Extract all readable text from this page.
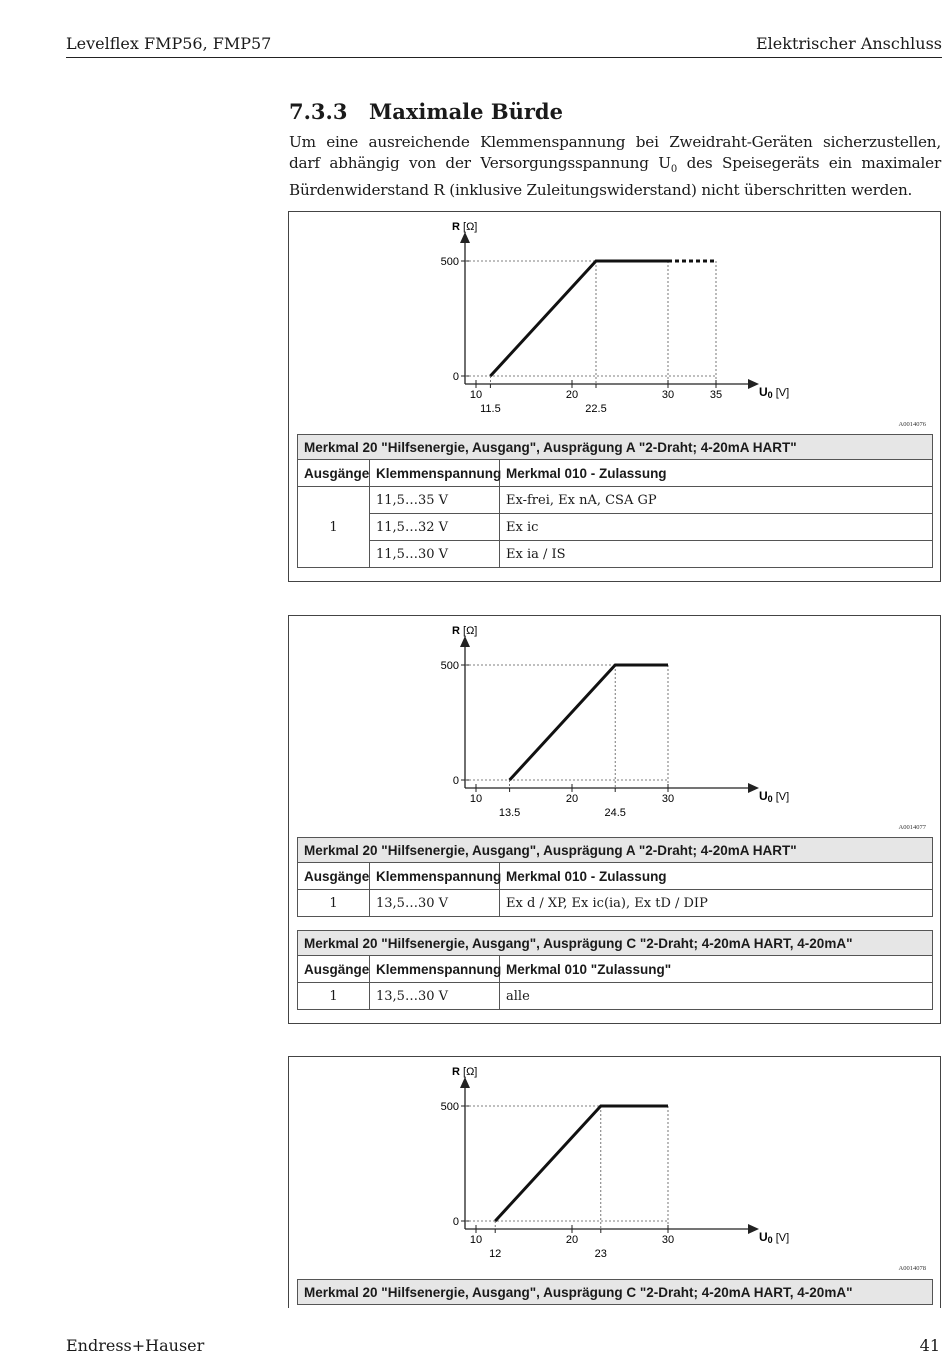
Levelflex FMP56, FMP57	Elektrischer Anschluss
7.3.3 Maximale Bürde
Um eine ausreichende Klemmenspannung bei Zweidraht-Geräten sicherzustellen, darf abhängig von der Versorgungsspannung $U_0$ des Speisegeräts ein maximaler Bürdenwiderstand R (inklusive Zuleitungswiderstand) nicht überschritten werden.
R [Ω]
U0 [V]
0
500
10	20	30	35
11.5	22.5
A0014076
Merkmal 20 "Hilfsenergie, Ausgang", Ausprägung A "2-Draht; 4-20mA HART"		
Ausgänge	Klemmenspannung	Merkmal 010 - Zulassung
1	11,5…35 V	Ex-frei, Ex nA, CSA GP
	11,5…32 V	Ex ic
	11,5…30 V	Ex ia / IS
R [Ω]
U0 [V]
0
500
10	20	30
13.5	24.5
A0014077
Merkmal 20 "Hilfsenergie, Ausgang", Ausprägung A "2-Draht; 4-20mA HART"		
Ausgänge	Klemmenspannung	Merkmal 010 - Zulassung
1	13,5…30 V	Ex d / XP, Ex ic(ia), Ex tD / DIP
Merkmal 20 "Hilfsenergie, Ausgang", Ausprägung C "2-Draht; 4-20mA HART, 4-20mA"		
Ausgänge	Klemmenspannung	Merkmal 010 "Zulassung"
1	13,5…30 V	alle
R [Ω]
U0 [V]
0
500
10	20	30
12	23
A0014078
Merkmal 20 "Hilfsenergie, Ausgang", Ausprägung C "2-Draht; 4-20mA HART, 4-20mA"
Endress+Hauser	41
